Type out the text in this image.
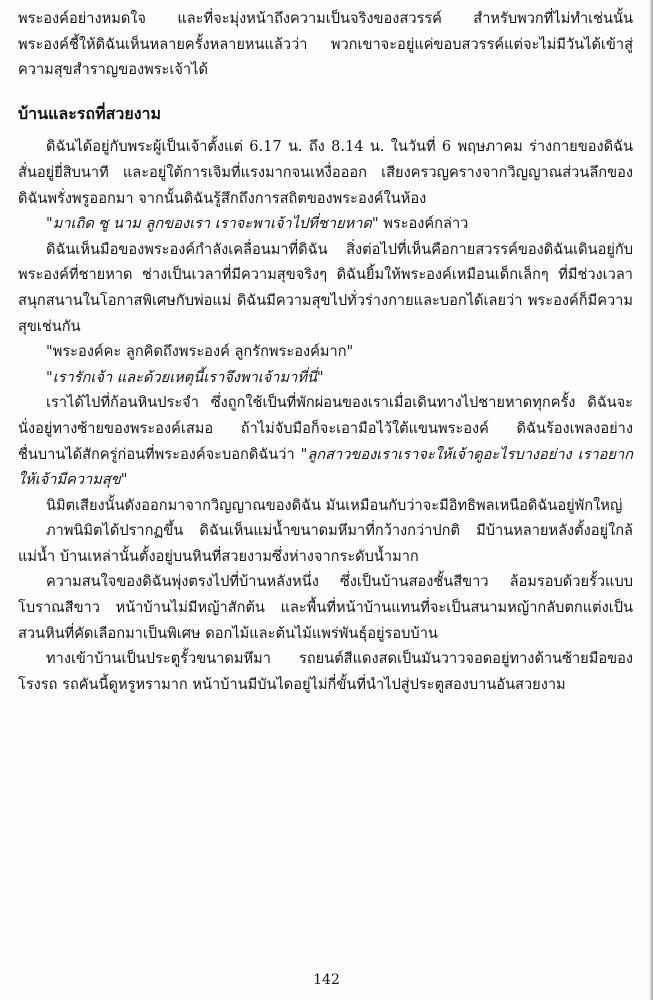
พระองค์อย่างหมดใจ และที่จะมุ่งหน้าถึงความเป็นจริงของสวรรค์ สำหรับพวกที่ไม่ทำเช่นนั้น พระองค์ชี้ให้ดิฉันเห็นหลายครั้งหลายหนแล้วว่า พวกเขาจะอยู่แค่ขอบสวรรค์แต่จะไม่มีวันได้เข้าสู่ความสุขสำราญของพระเจ้าได้

บ้านและรถที่สวยงาม

ดิฉันได้อยู่กับพระผู้เป็นเจ้าตั้งแต่ 6.17 น. ถึง 8.14 น. ในวันที่ 6 พฤษภาคม ร่างกายของดิฉันสั่นอยู่ยี่สิบนาที และอยู่ใต้การเจิมที่แรงมากจนเหงื่อออก เสียงครวญครางจากวิญญาณส่วนลึกของดิฉันพรั่งพรูออกมา จากนั้นดิฉันรู้สึกถึงการสถิตของพระองค์ในห้อง

"มาเถิด ซู นาม ลูกของเรา เราจะพาเจ้าไปที่ชายหาด" พระองค์กล่าว

ดิฉันเห็นมือของพระองค์กำลังเคลื่อนมาที่ดิฉัน สิ่งต่อไปที่เห็นคือกายสวรรค์ของดิฉันเดินอยู่กับพระองค์ที่ชายหาด ช่างเป็นเวลาที่มีความสุขจริงๆ ดิฉันยิ้มให้พระองค์เหมือนเด็กเล็กๆ ที่มีช่วงเวลาสนุกสนานในโอกาสพิเศษกับพ่อแม่ ดิฉันมีความสุขไปทั่วร่างกายและบอกได้เลยว่า พระองค์ก็มีความสุขเช่นกัน

"พระองค์คะ ลูกคิดถึงพระองค์ ลูกรักพระองค์มาก"

"เรารักเจ้า และด้วยเหตุนี้เราจึงพาเจ้ามาที่นี่"

เราได้ไปที่ก้อนหินประจำ ซึ่งถูกใช้เป็นที่พักผ่อนของเราเมื่อเดินทางไปชายหาดทุกครั้ง ดิฉันจะนั่งอยู่ทางซ้ายของพระองค์เสมอ ถ้าไม่จับมือก็จะเอามือไว้ใต้แขนพระองค์ ดิฉันร้องเพลงอย่างชื่นบานได้สักครู่ก่อนที่พระองค์จะบอกดิฉันว่า "ลูกสาวของเราเราจะให้เจ้าดูอะไรบางอย่าง เราอยากให้เจ้ามีความสุข"

นิมิตเสียงนั้นดังออกมาจากวิญญาณของดิฉัน มันเหมือนกับว่าจะมีอิทธิพลเหนือดิฉันอยู่พักใหญ่

ภาพนิมิตได้ปรากฏขึ้น ดิฉันเห็นแม่น้ำขนาดมหึมาที่กว้างกว่าปกติ มีบ้านหลายหลังตั้งอยู่ใกล้แม่น้ำ บ้านเหล่านั้นตั้งอยู่บนหินที่สวยงามซึ่งห่างจากระดับน้ำมาก

ความสนใจของดิฉันพุ่งตรงไปที่บ้านหลังหนึ่ง ซึ่งเป็นบ้านสองชั้นสีขาว ล้อมรอบด้วยรั้วแบบโบราณสีขาว หน้าบ้านไม่มีหญ้าสักต้น และพื้นที่หน้าบ้านแทนที่จะเป็นสนามหญ้ากลับตกแต่งเป็นสวนหินที่คัดเลือกมาเป็นพิเศษ ดอกไม้และต้นไม้แพร่พันธุ์อยู่รอบบ้าน

ทางเข้าบ้านเป็นประตูรั้วขนาดมหึมา รถยนต์สีแดงสดเป็นมันวาวจอดอยู่ทางด้านซ้ายมือของโรงรถ รถคันนี้ดูหรูหรามาก หน้าบ้านมีบันไดอยู่ไม่กี่ขั้นที่นำไปสู่ประตูสองบานอันสวยงาม

142
